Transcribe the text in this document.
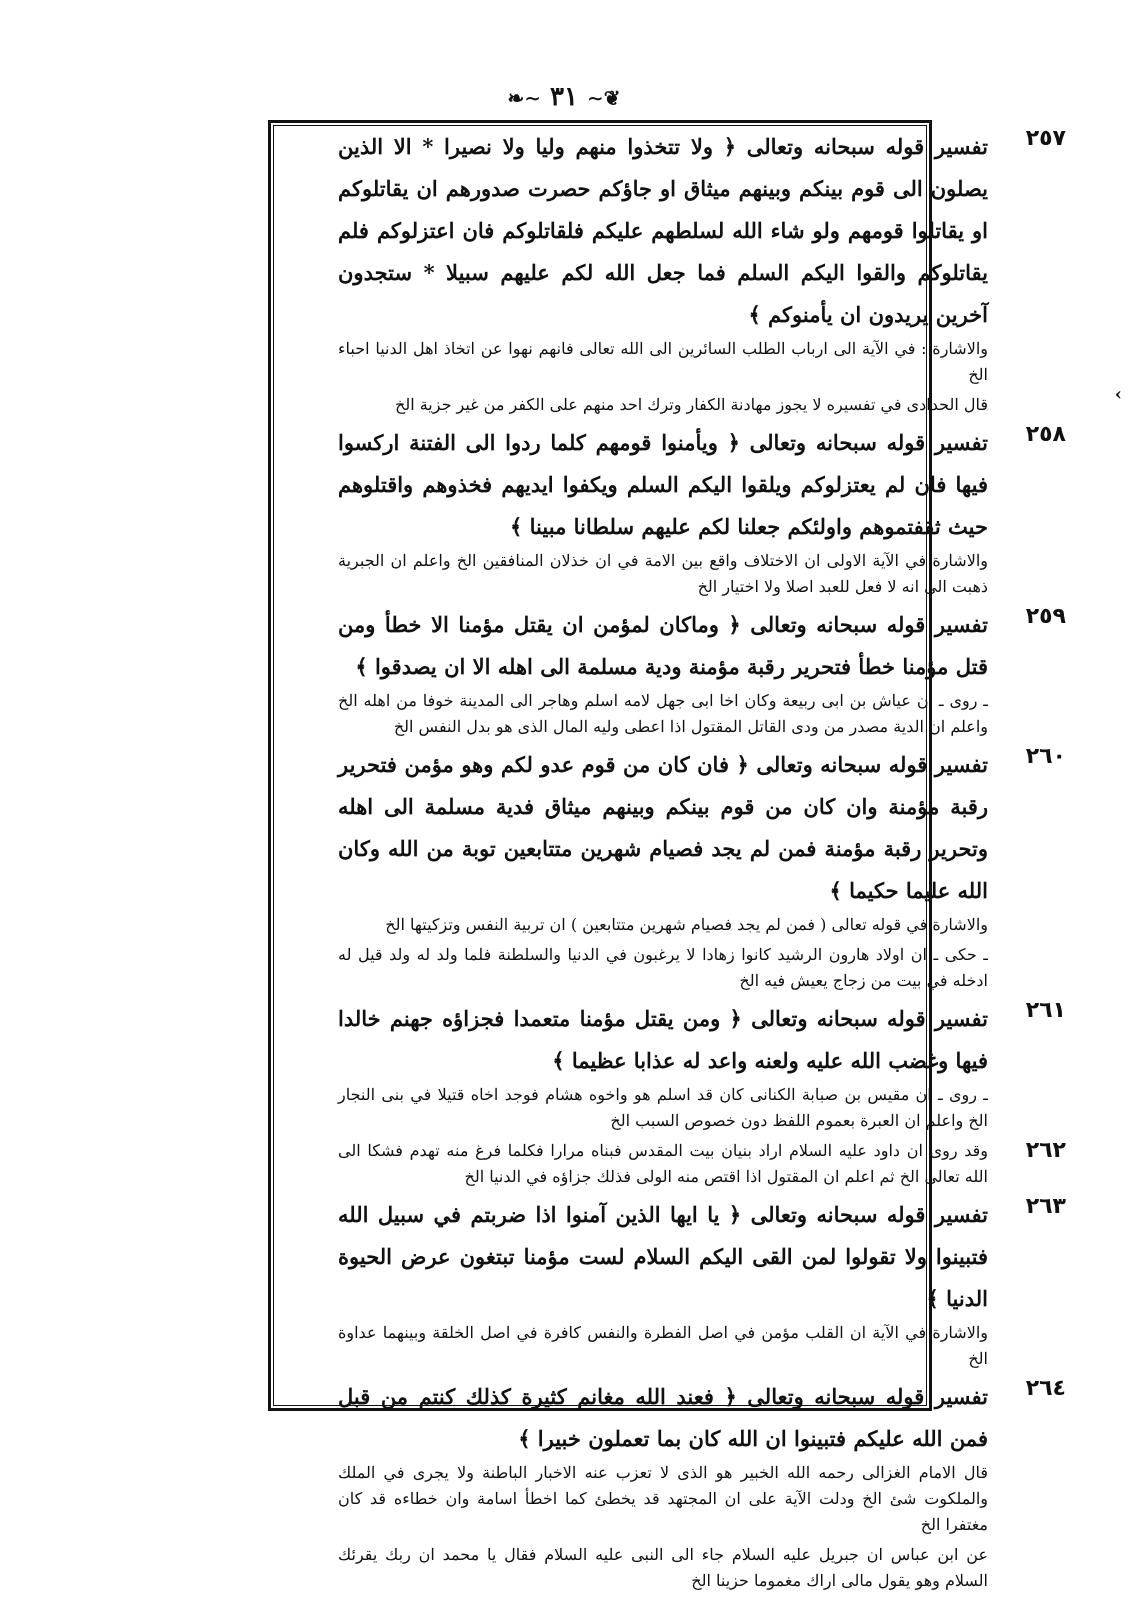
❧∼ ٣١ ∼❦
‹
٢٥٧
تفسير قوله سبحانه وتعالى ﴿ ولا تتخذوا منهم وليا ولا نصيرا * الا الذين يصلون الى قوم بينكم وبينهم ميثاق او جاؤكم حصرت صدورهم ان يقاتلوكم او يقاتلوا قومهم ولو شاء الله لسلطهم عليكم فلقاتلوكم فان اعتزلوكم فلم يقاتلوكم والقوا اليكم السلم فما جعل الله لكم عليهم سبيلا * ستجدون آخرين يريدون ان يأمنوكم ﴾
والاشارة : في الآية الى ارباب الطلب السائرين الى الله تعالى فانهم نهوا عن اتخاذ اهل الدنيا احباء الخ
قال الحدادى في تفسيره لا يجوز مهادنة الكفار وترك احد منهم على الكفر من غير جزية الخ
٢٥٨
تفسير قوله سبحانه وتعالى ﴿ ويأمنوا قومهم كلما ردوا الى الفتنة اركسوا فيها فان لم يعتزلوكم ويلقوا اليكم السلم ويكفوا ايديهم فخذوهم واقتلوهم حيث ثقفتموهم واولئكم جعلنا لكم عليهم سلطانا مبينا ﴾
والاشارة في الآية الاولى ان الاختلاف واقع بين الامة في ان خذلان المنافقين الخ واعلم ان الجبرية ذهبت الى انه لا فعل للعبد اصلا ولا اختيار الخ
٢٥٩
تفسير قوله سبحانه وتعالى ﴿ وماكان لمؤمن ان يقتل مؤمنا الا خطأ ومن قتل مؤمنا خطأ فتحرير رقبة مؤمنة ودية مسلمة الى اهله الا ان يصدقوا ﴾
ـ روى ـ ان عياش بن ابى ربيعة وكان اخا ابى جهل لامه اسلم وهاجر الى المدينة خوفا من اهله الخ واعلم ان الدية مصدر من ودى القاتل المقتول اذا اعطى وليه المال الذى هو بدل النفس الخ
٢٦٠
تفسير قوله سبحانه وتعالى ﴿ فان كان من قوم عدو لكم وهو مؤمن فتحرير رقبة مؤمنة وان كان من قوم بينكم وبينهم ميثاق فدية مسلمة الى اهله وتحرير رقبة مؤمنة فمن لم يجد فصيام شهرين متتابعين توبة من الله وكان الله عليما حكيما ﴾
والاشارة في قوله تعالى ( فمن لم يجد فصيام شهرين متتابعين ) ان تربية النفس وتزكيتها الخ
ـ حكى ـ ان اولاد هارون الرشيد كانوا زهادا لا يرغبون في الدنيا والسلطنة فلما ولد له ولد قيل له ادخله في بيت من زجاج يعيش فيه الخ
٢٦١
تفسير قوله سبحانه وتعالى ﴿ ومن يقتل مؤمنا متعمدا فجزاؤه جهنم خالدا فيها وغضب الله عليه ولعنه واعد له عذابا عظيما ﴾
ـ روى ـ ان مقيس بن صبابة الكنانى كان قد اسلم هو واخوه هشام فوجد اخاه قتيلا في بنى النجار الخ واعلم ان العبرة بعموم اللفظ دون خصوص السبب الخ
٢٦٢
وقد روى ان داود عليه السلام اراد بنيان بيت المقدس فبناه مرارا فكلما فرغ منه تهدم فشكا الى الله تعالى الخ ثم اعلم ان المقتول اذا اقتص منه الولى فذلك جزاؤه في الدنيا الخ
٢٦٣
تفسير قوله سبحانه وتعالى ﴿ يا ايها الذين آمنوا اذا ضربتم في سبيل الله فتبينوا ولا تقولوا لمن القى اليكم السلام لست مؤمنا تبتغون عرض الحيوة الدنيا ﴾
والاشارة في الآية ان القلب مؤمن في اصل الفطرة والنفس كافرة في اصل الخلقة وبينهما عداوة الخ
٢٦٤
تفسير قوله سبحانه وتعالى ﴿ فعند الله مغانم كثيرة كذلك كنتم من قبل فمن الله عليكم فتبينوا ان الله كان بما تعملون خبيرا ﴾
قال الامام الغزالى رحمه الله الخبير هو الذى لا تعزب عنه الاخبار الباطنة ولا يجرى في الملك والملكوت شئ الخ ودلت الآية على ان المجتهد قد يخطئ كما اخطأ اسامة وان خطاءه قد كان مغتفرا الخ
عن ابن عباس ان جبريل عليه السلام جاء الى النبى عليه السلام فقال يا محمد ان ربك يقرئك السلام وهو يقول مالى اراك مغموما حزينا الخ
